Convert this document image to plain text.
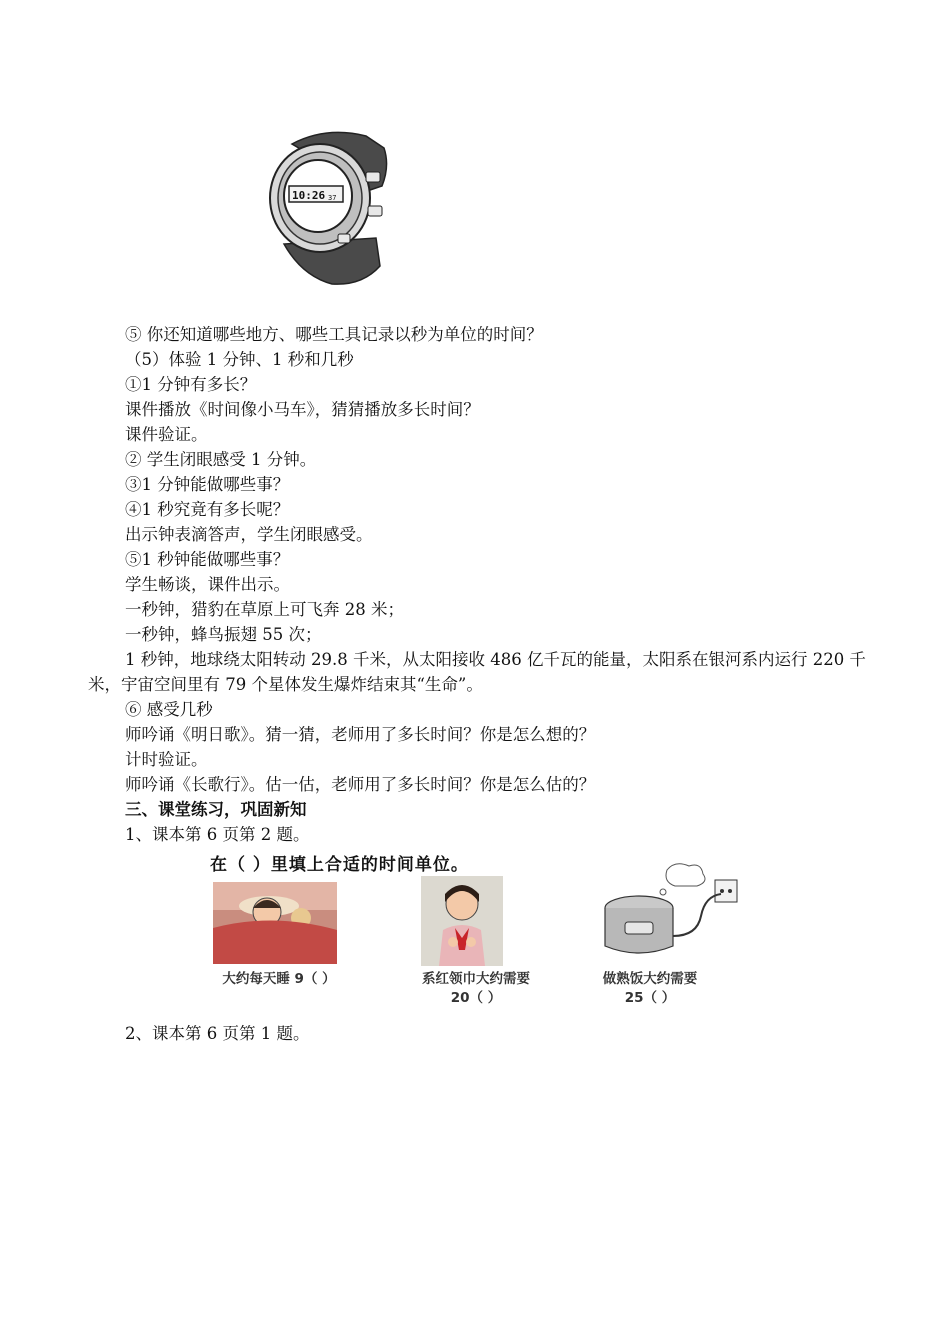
10:26 37
⑤ 你还知道哪些地方、哪些工具记录以秒为单位的时间？
（5）体验 1 分钟、1 秒和几秒
①1 分钟有多长？
课件播放《时间像小马车》，猜猜播放多长时间？
课件验证。
② 学生闭眼感受 1 分钟。
③1 分钟能做哪些事？
④1 秒究竟有多长呢？
出示钟表滴答声，学生闭眼感受。
⑤1 秒钟能做哪些事？
学生畅谈，课件出示。
一秒钟，猎豹在草原上可飞奔 28 米；
一秒钟，蜂鸟振翅 55 次；
1 秒钟，地球绕太阳转动 29.8 千米，从太阳接收 486 亿千瓦的能量，太阳系在银河系内运行 220 千米，宇宙空间里有 79 个星体发生爆炸结束其“生命”。
⑥ 感受几秒
师吟诵《明日歌》。猜一猜，老师用了多长时间？你是怎么想的？
计时验证。
师吟诵《长歌行》。估一估，老师用了多长时间？你是怎么估的？
三、课堂练习，巩固新知
1、课本第 6 页第 2 题。
在（ ）里填上合适的时间单位。
大约每天睡 9（ ）	系红领巾大约需要
20（ ）
做熟饭大约需要
25（ ）
2、课本第 6 页第 1 题。
